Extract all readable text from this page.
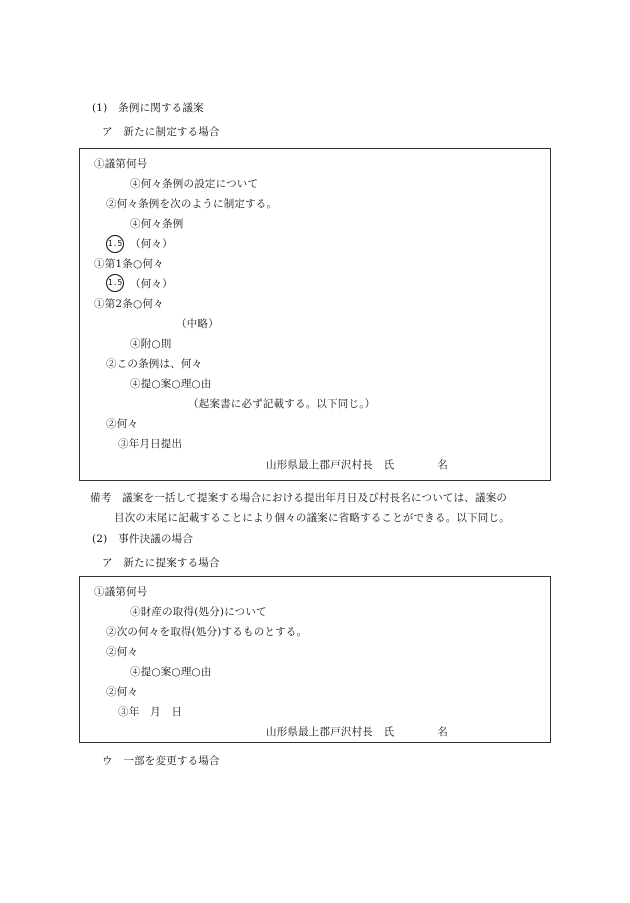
(1)　条例に関する議案
ア　新たに制定する場合
①議第何号
④何々条例の設定について
②何々条例を次のように制定する。
④何々条例
1.5 （何々）
①第1条○何々
1.5 （何々）
①第2条○何々
（中略）
④附○則
②この条例は、何々
④提○案○理○由
（起案書に必ず記載する。以下同じ。）
②何々
③年月日提出
山形県最上郡戸沢村長　氏　　　　名
備考　議案を一括して提案する場合における提出年月日及び村長名については、議案の
目次の末尾に記載することにより個々の議案に省略することができる。以下同じ。
(2)　事件決議の場合
ア　新たに提案する場合
①議第何号
④財産の取得(処分)について
②次の何々を取得(処分)するものとする。
②何々
④提○案○理○由
②何々
③年　月　日
山形県最上郡戸沢村長　氏　　　　名
ウ　一部を変更する場合
